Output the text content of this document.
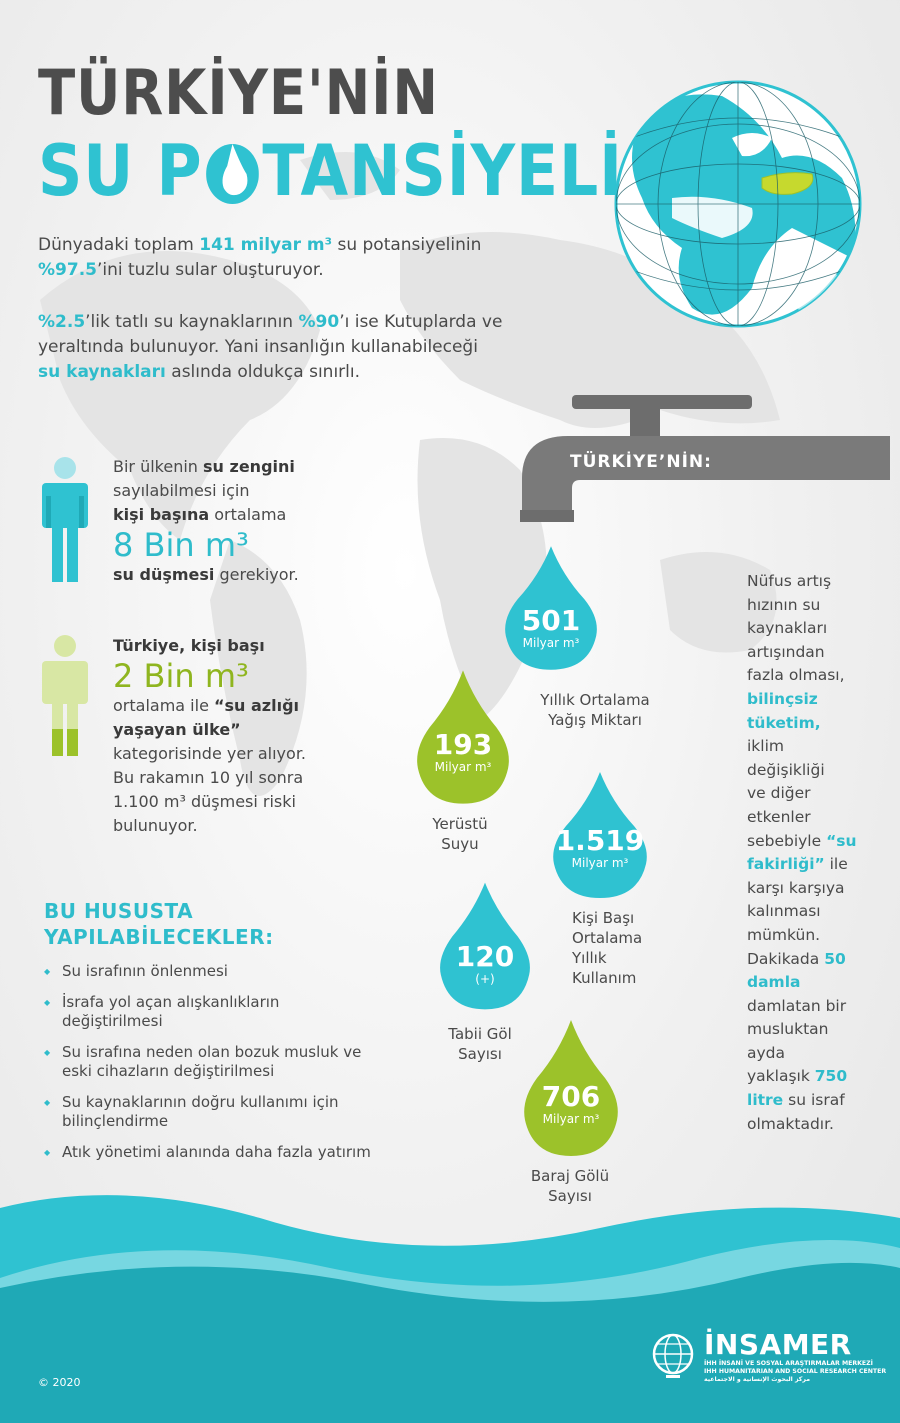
TÜRKİYE'NİN
SU P TANSİYELİ
Dünyadaki toplam 141 milyar m³ su potansiyelinin
%97.5’ini tuzlu sular oluşturuyor.
%2.5’lik tatlı su kaynaklarının %90’ı ise Kutuplarda ve
yeraltında bulunuyor. Yani insanlığın kullanabileceği
su kaynakları aslında oldukça sınırlı.
Bir ülkenin su zengini
sayılabilmesi için
kişi başına ortalama
8 Bin m³
su düşmesi gerekiyor.
Türkiye, kişi başı
2 Bin m³
ortalama ile “su azlığı
yaşayan ülke”
kategorisinde yer alıyor.
Bu rakamın 10 yıl sonra
1.100 m³ düşmesi riski
bulunuyor.
TÜRKİYE’NİN:
501
Milyar m³
Yıllık Ortalama
Yağış Miktarı
193
Milyar m³
Yerüstü
Suyu	1.519
Milyar m³
Kişi Başı
Ortalama
Yıllık
Kullanım
120
(+)
Tabii Göl
Sayısı
706
Milyar m³
Baraj Gölü
Sayısı
Nüfus artış
hızının su
kaynakları
artışından
fazla olması,
bilinçsiz
tüketim,
iklim
değişikliği
ve diğer
etkenler
sebebiyle “su
fakirliği” ile
karşı karşıya
kalınması
mümkün.
Dakikada 50
damla
damlatan bir
musluktan
ayda
yaklaşık 750
litre su israf
olmaktadır.
BU HUSUSTA
YAPILABİLECEKLER:
◆ Su israfının önlenmesi
◆ İsrafa yol açan alışkanlıkların değiştirilmesi
◆ Su israfına neden olan bozuk musluk ve eski cihazların değiştirilmesi
◆ Su kaynaklarının doğru kullanımı için bilinçlendirme
◆ Atık yönetimi alanında daha fazla yatırım
© 2020
İNSAMER
İHH İNSANİ VE SOSYAL ARAŞTIRMALAR MERKEZİ
IHH HUMANITARIAN AND SOCIAL RESEARCH CENTER
مركز البحوث الإنسانية و الاجتماعية
